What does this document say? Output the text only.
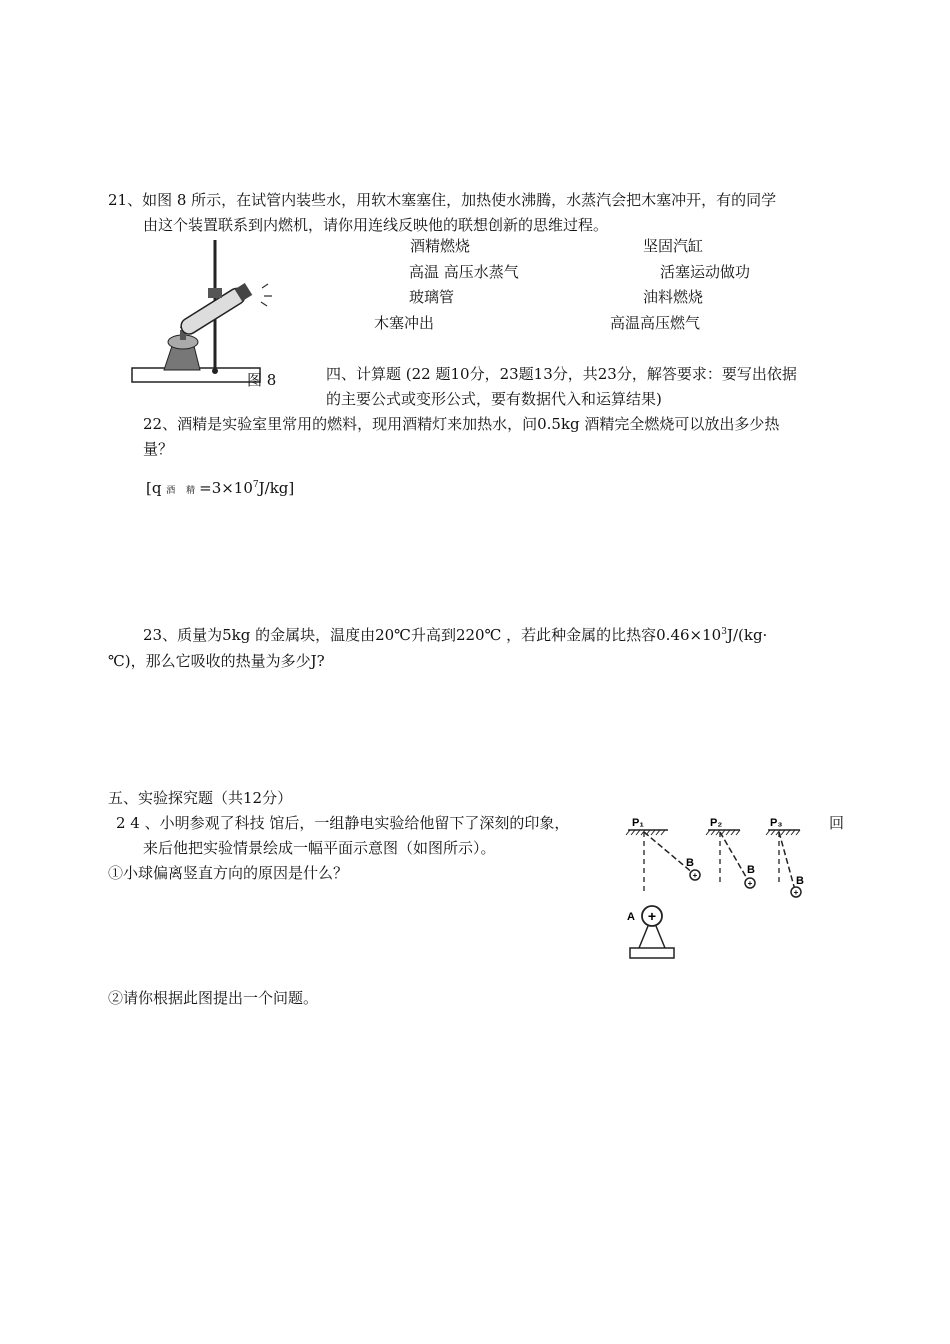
21、如图 8 所示，在试管内装些水，用软木塞塞住，加热使水沸腾，水蒸汽会把木塞冲开，有的同学
由这个装置联系到内燃机，请你用连线反映他的联想创新的思维过程。
图 8
酒精燃烧
高温 高压水蒸气
玻璃管
木塞冲出
坚固汽缸
活塞运动做功
油料燃烧
高温高压燃气
四、计算题 (22 题10分，23题13分，共23分，解答要求：要写出依据
的主要公式或变形公式，要有数据代入和运算结果)
22、酒精是实验室里常用的燃料，现用酒精灯来加热水，问0.5kg 酒精完全燃烧可以放出多少热
量？
[q 酒 精$=3\times 10^7J/kg$]
23、质量为5kg 的金属块，温度由20℃升高到220℃ ，若此种金属的比热容$0.46\times 10^3J/(kg\cdot$
℃)，那么它吸收的热量为多少J?
五、实验探究题（共12分）
2 4 、小明参观了科技 馆后，一组静电实验给他留下了深刻的印象，	回
来后他把实验情景绘成一幅平面示意图（如图所示）。
①小球偏离竖直方向的原因是什么？
②请你根据此图提出一个问题。
P₁	P₂	P₃
+
+
+
B
B
B
+
A
